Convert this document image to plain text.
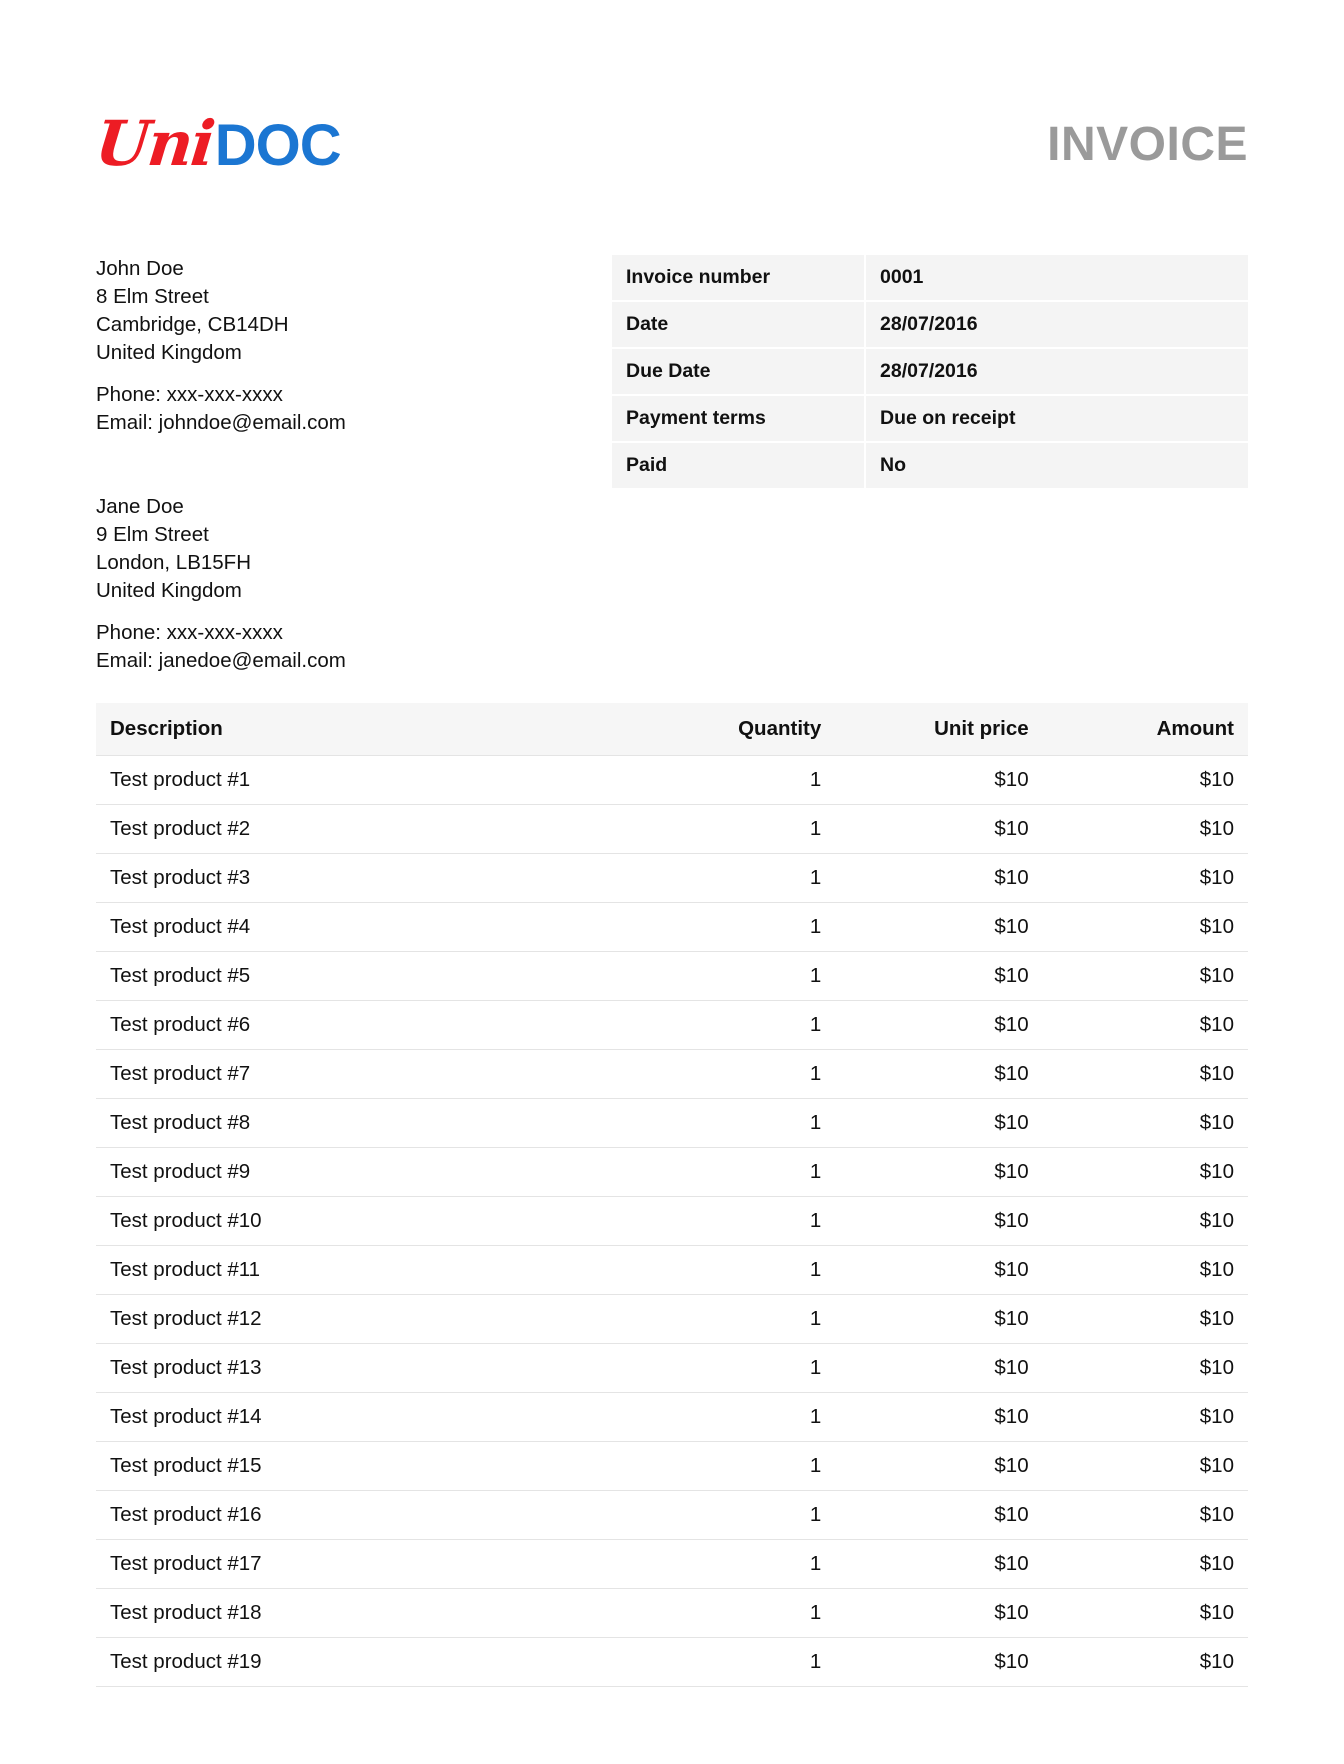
Uni
DOC	INVOICE
John Doe
8 Elm Street
Cambridge, CB14DH
United Kingdom
Phone: xxx-xxx-xxxx
Email: johndoe@email.com
Jane Doe
9 Elm Street
London, LB15FH
United Kingdom
Phone: xxx-xxx-xxxx
Email: janedoe@email.com
Invoice number	0001
Date	28/07/2016
Due Date	28/07/2016
Payment terms	Due on receipt
Paid	No
Description	Quantity	Unit price	Amount
Test product #1	1	$10	$10
Test product #2	1	$10	$10
Test product #3	1	$10	$10
Test product #4	1	$10	$10
Test product #5	1	$10	$10
Test product #6	1	$10	$10
Test product #7	1	$10	$10
Test product #8	1	$10	$10
Test product #9	1	$10	$10
Test product #10	1	$10	$10
Test product #11	1	$10	$10
Test product #12	1	$10	$10
Test product #13	1	$10	$10
Test product #14	1	$10	$10
Test product #15	1	$10	$10
Test product #16	1	$10	$10
Test product #17	1	$10	$10
Test product #18	1	$10	$10
Test product #19	1	$10	$10
